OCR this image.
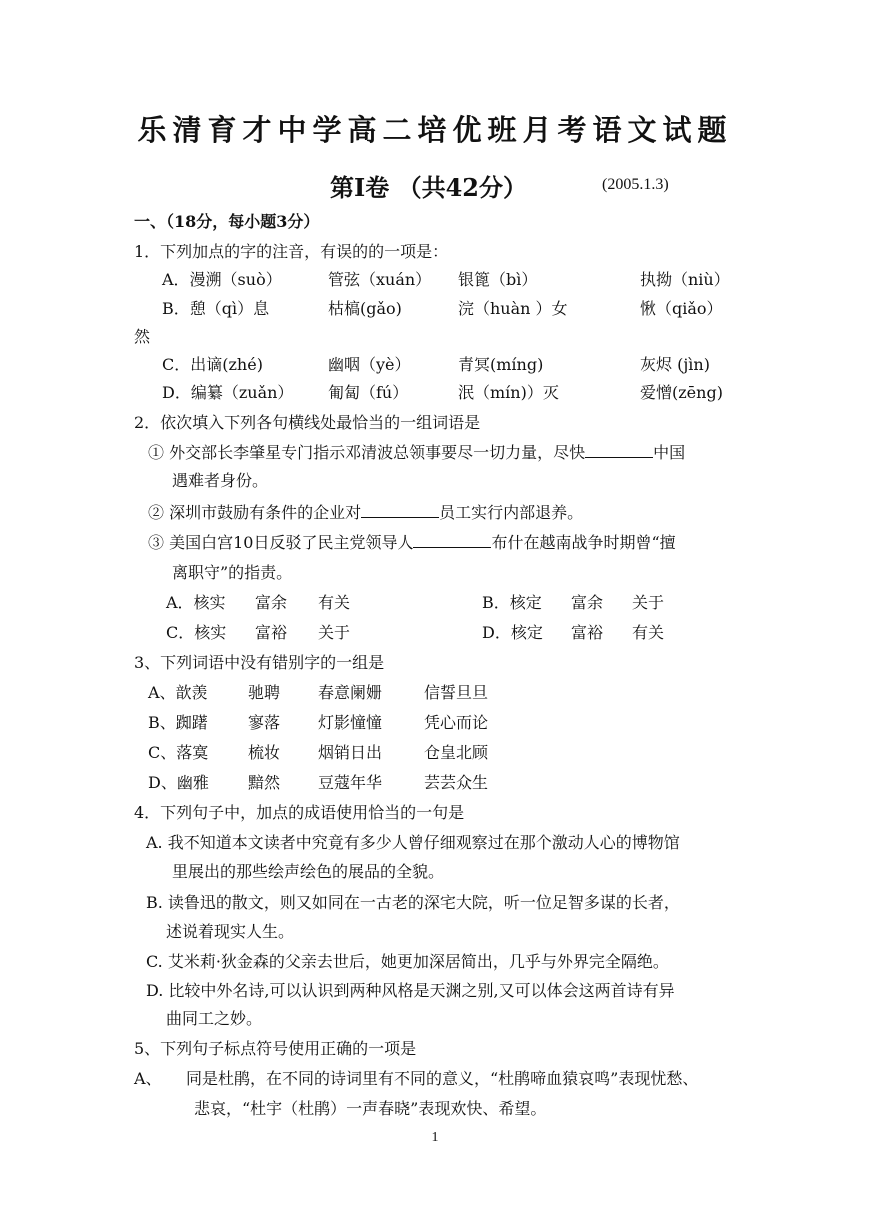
乐清育才中学高二培优班月考语文试题
第Ⅰ卷 （共42分）	(2005.1.3)
一、（18分，每小题3分）
1．下列加点的字的注音，有误的的一项是：
A．漫溯（suò）	管弦（xuán） 银篦（bì）	执拗（niù）
B．憩（qì）息	枯槁(gǎo)	浣（huàn ）女	愀（qiǎo）
然
C．出谪(zhé)	幽咽（yè）	青冥(míng)	灰烬 (jìn)
D．编纂（zuǎn） 匍匐（fú）	泯（mín)）灭	爱憎(zēng)
2．依次填入下列各句横线处最恰当的一组词语是
① 外交部长李肇星专门指示邓清波总领事要尽一切力量，尽快	中国
遇难者身份。
② 深圳市鼓励有条件的企业对	员工实行内部退养。
③ 美国白宫10日反驳了民主党领导人	布什在越南战争时期曾“擅
离职守”的指责。
A．核实 富余 有关	B．核定 富余 关于
C．核实 富裕 关于	D．核定 富裕 有关
3、下列词语中没有错别字的一组是
A、歆羡	驰聘 春意阑姗	信誓旦旦
B、踟躇	寥落 灯影憧憧	凭心而论
C、落寞 梳妆 烟销日出	仓皇北顾
D、幽雅 黯然 豆蔻年华	芸芸众生
4．下列句子中，加点的成语使用恰当的一句是
A. 我不知道本文读者中究竟有多少人曾仔细观察过在那个激动人心的博物馆
里展出的那些绘声绘色的展品的全貌。
B. 读鲁迅的散文，则又如同在一古老的深宅大院，听一位足智多谋的长者，
述说着现实人生。
C. 艾米莉·狄金森的父亲去世后，她更加深居简出，几乎与外界完全隔绝。
D. 比较中外名诗,可以认识到两种风格是天渊之别,又可以体会这两首诗有异
曲同工之妙。
5、下列句子标点符号使用正确的一项是
A、 同是杜鹃，在不同的诗词里有不同的意义，“杜鹃啼血猿哀鸣”表现忧愁、
悲哀，“杜宇（杜鹃）一声春晓”表现欢快、希望。
1
